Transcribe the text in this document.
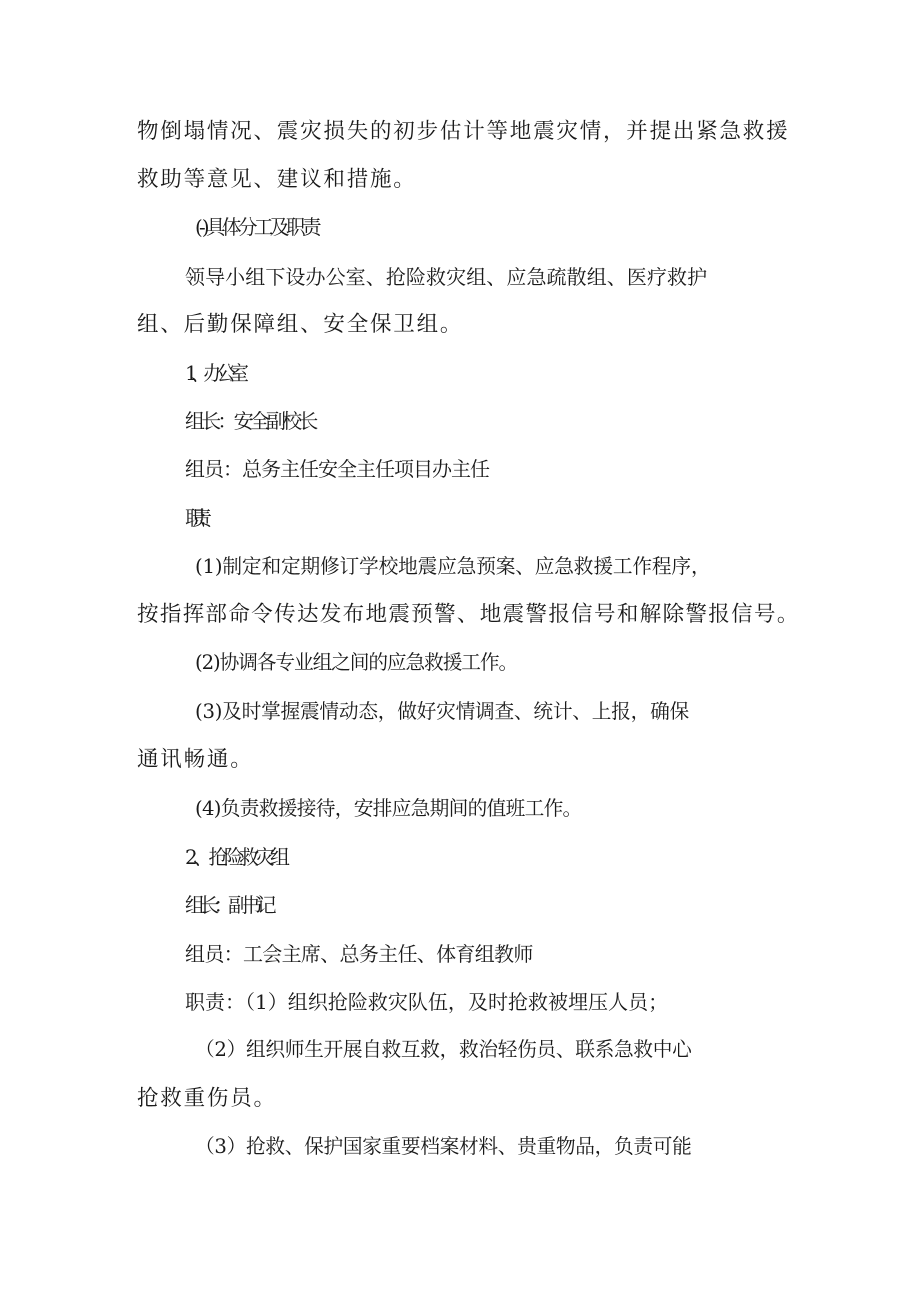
物倒塌情况、震灾损失的初步估计等地震灾情，并提出紧急救援
救助等意见、建议和措施。
(-)具体分工及职责
领导小组下设办公室、抢险救灾组、应急疏散组、医疗救护
组、后勤保障组、安全保卫组。
1、办公室
组长：安全副校长
组员：总务主任安全主任项目办主任
职责：
(1)制定和定期修订学校地震应急预案、应急救援工作程序，
按指挥部命令传达发布地震预警、地震警报信号和解除警报信号。
(2)协调各专业组之间的应急救援工作。
(3)及时掌握震情动态，做好灾情调查、统计、上报，确保
通讯畅通。
(4)负责救援接待，安排应急期间的值班工作。
2、抢险救灾组
组长：副书记
组员：工会主席、总务主任、体育组教师
职责：（1）组织抢险救灾队伍，及时抢救被埋压人员；
（2）组织师生开展自救互救，救治轻伤员、联系急救中心
抢救重伤员。
（3）抢救、保护国家重要档案材料、贵重物品，负责可能
